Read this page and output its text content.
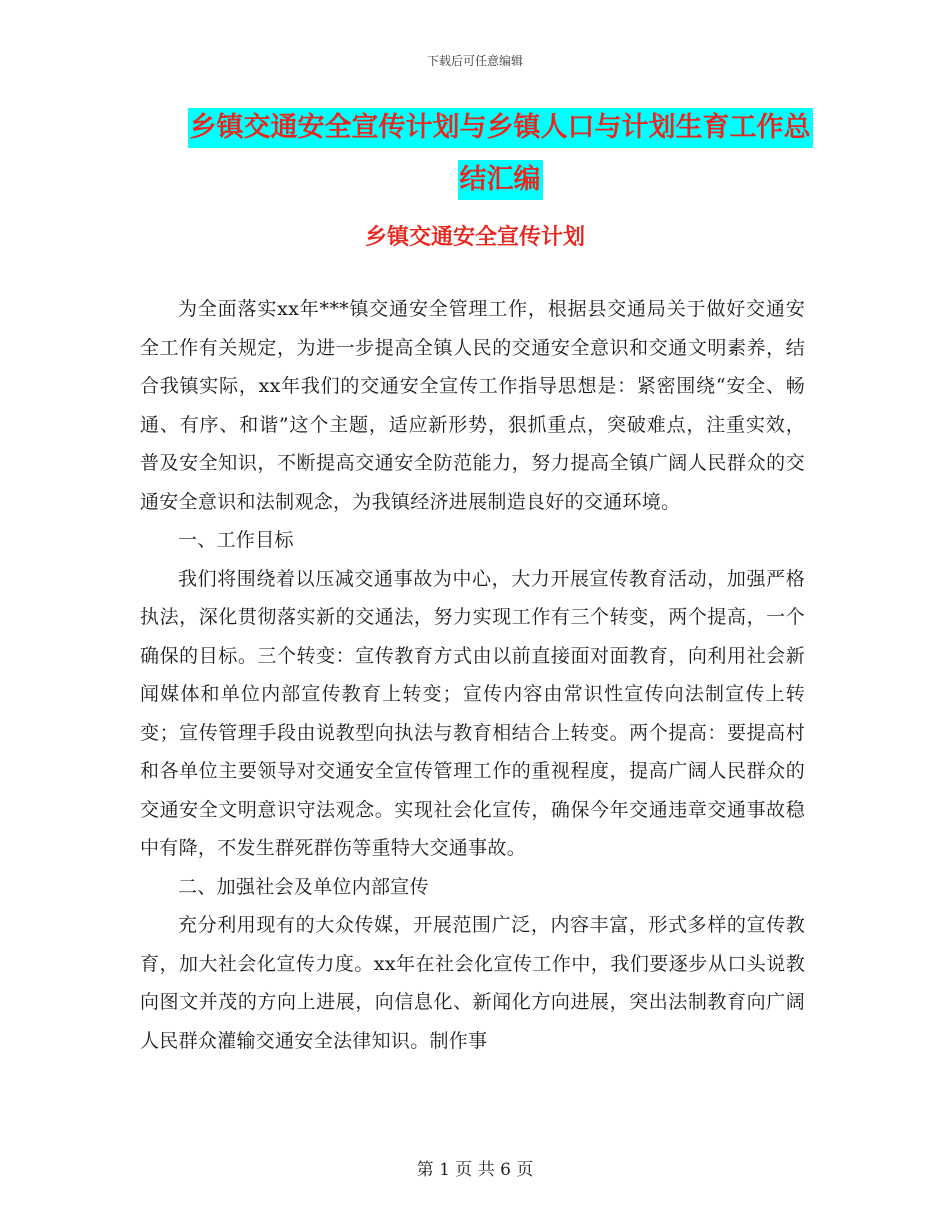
下载后可任意编辑
乡镇交通安全宣传计划与乡镇人口与计划生育工作总
结汇编
乡镇交通安全宣传计划

为全面落实xx年***镇交通安全管理工作，根据县交通局关于做好交通安全工作有关规定，为进一步提高全镇人民的交通安全意识和交通文明素养，结合我镇实际，xx年我们的交通安全宣传工作指导思想是：紧密围绕“安全、畅通、有序、和谐”这个主题，适应新形势，狠抓重点，突破难点，注重实效，普及安全知识，不断提高交通安全防范能力，努力提高全镇广阔人民群众的交通安全意识和法制观念，为我镇经济进展制造良好的交通环境。

一、工作目标

我们将围绕着以压减交通事故为中心，大力开展宣传教育活动，加强严格执法，深化贯彻落实新的交通法，努力实现工作有三个转变，两个提高，一个确保的目标。三个转变：宣传教育方式由以前直接面对面教育，向利用社会新闻媒体和单位内部宣传教育上转变；宣传内容由常识性宣传向法制宣传上转变；宣传管理手段由说教型向执法与教育相结合上转变。两个提高：要提高村和各单位主要领导对交通安全宣传管理工作的重视程度，提高广阔人民群众的交通安全文明意识守法观念。实现社会化宣传，确保今年交通违章交通事故稳中有降，不发生群死群伤等重特大交通事故。

二、加强社会及单位内部宣传

充分利用现有的大众传媒，开展范围广泛，内容丰富，形式多样的宣传教育，加大社会化宣传力度。xx年在社会化宣传工作中，我们要逐步从口头说教向图文并茂的方向上进展，向信息化、新闻化方向进展，突出法制教育向广阔人民群众灌输交通安全法律知识。制作事

第 1 页 共 6 页
